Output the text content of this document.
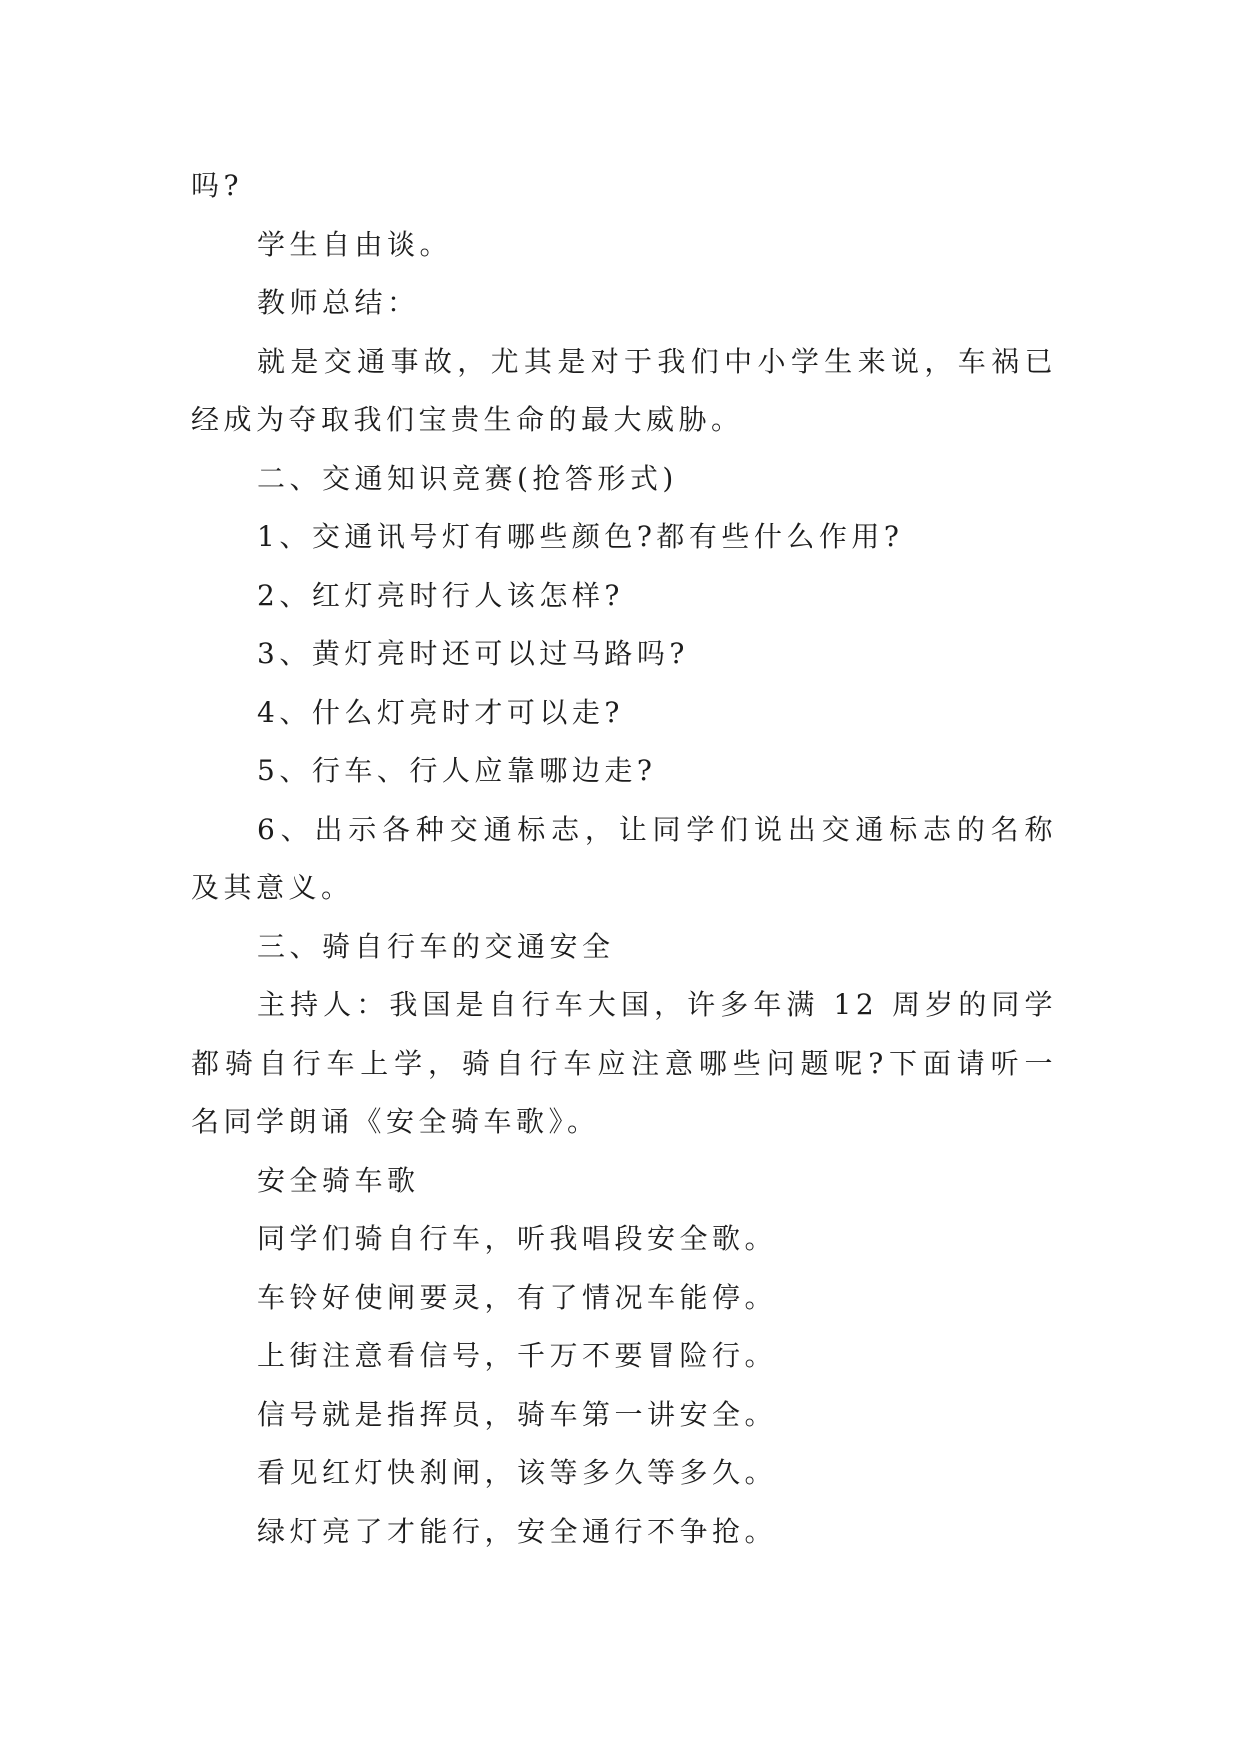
吗?
学生自由谈。
教师总结：
就是交通事故，尤其是对于我们中小学生来说，车祸已
经成为夺取我们宝贵生命的最大威胁。
二、交通知识竞赛(抢答形式)
1、交通讯号灯有哪些颜色?都有些什么作用?
2、红灯亮时行人该怎样?
3、黄灯亮时还可以过马路吗?
4、什么灯亮时才可以走?
5、行车、行人应靠哪边走?
6、出示各种交通标志，让同学们说出交通标志的名称
及其意义。
三、骑自行车的交通安全
主持人：我国是自行车大国，许多年满 12 周岁的同学
都骑自行车上学，骑自行车应注意哪些问题呢?下面请听一
名同学朗诵《安全骑车歌》。
安全骑车歌
同学们骑自行车，听我唱段安全歌。
车铃好使闸要灵，有了情况车能停。
上街注意看信号，千万不要冒险行。
信号就是指挥员，骑车第一讲安全。
看见红灯快刹闸，该等多久等多久。
绿灯亮了才能行，安全通行不争抢。
